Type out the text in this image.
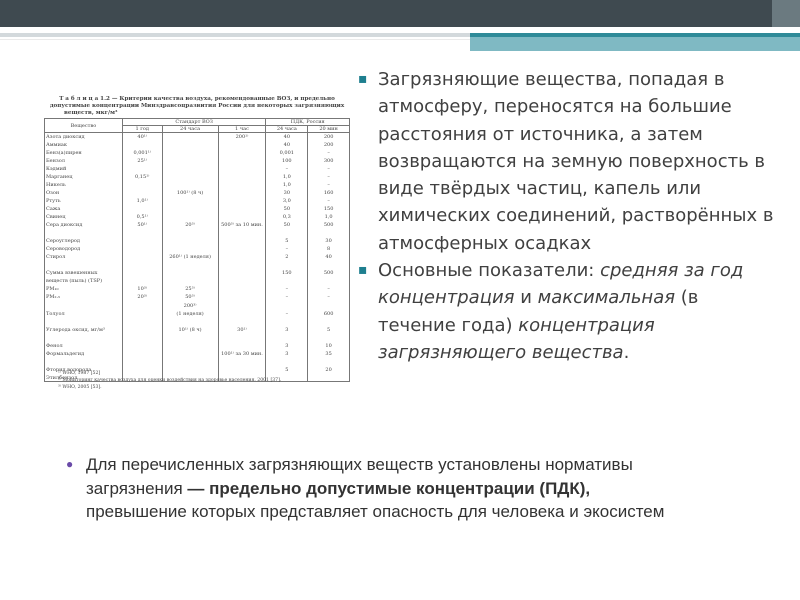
Т а б л и ц а 1.2 — Критерии качества воздуха, рекомендованные ВОЗ, и предельно
допустимые концентрации Минздравсоцразвития России для некоторых загрязняющих
веществ, мкг/м³
Вещество	Стандарт ВОЗ			ПДК, Россия	
	1 год	24 часа	1 час	24 часа	20 мин
Азота диоксид	40¹⁾		200¹⁾	40	200
Аммиак				40	200
Бенз(а)пирен	0,001¹⁾			0,001	–
Бензол	25¹⁾			100	300
Кэдмий				–	–
Марганец	0,15¹⁾			1,0	–
Никель				1,0	–
Озон		100¹⁾ (8 ч)		30	160
Ртуть	1,0¹⁾			3,0	–
Сажа				50	150
Свинец	0,5¹⁾			0,3	1,0
Сера диоксид	50¹⁾	20³⁾	500³⁾ за 10 мин.	50	500

Сероуглерод				5	30
Сероводород				–	8
Стирол		260¹⁾ (1 неделя)		2	40

Сумма взвешенных				150	500
веществ (пыль) (TSP)					
PM₁₀	10³⁾	25³⁾		–	–
PM₂.₅	20³⁾	50³⁾		–	–
		200³⁾			
Толуол		(1 неделя)		–	600

Углерода оксид, мг/м³		10¹⁾ (8 ч)	30¹⁾	3	5

Фенол				3	10
Формальдегид			100¹⁾ за 30 мин.	3	35

Фторид водорода				5	20
Этилбензол					
¹⁾ WHO, 1987 [52]
²⁾ Мониторинг качества воздуха для оценки воздействия на здоровье населения. 2001 [37].
³⁾ WHO, 2005 [53].
▪ Загрязняющие вещества, попадая в атмосферу, переносятся на большие расстояния от источника, а затем возвращаются на земную поверхность в виде твёрдых частиц, капель или химических соединений, растворённых в атмосферных осадках
▪ Основные показатели: средняя за год концентрация и максимальная (в течение года) концентрация загрязняющего вещества.
● Для перечисленных загрязняющих веществ установлены нормативы загрязнения — предельно допустимые концентрации (ПДК), превышение которых представляет опасность для человека и экосистем
